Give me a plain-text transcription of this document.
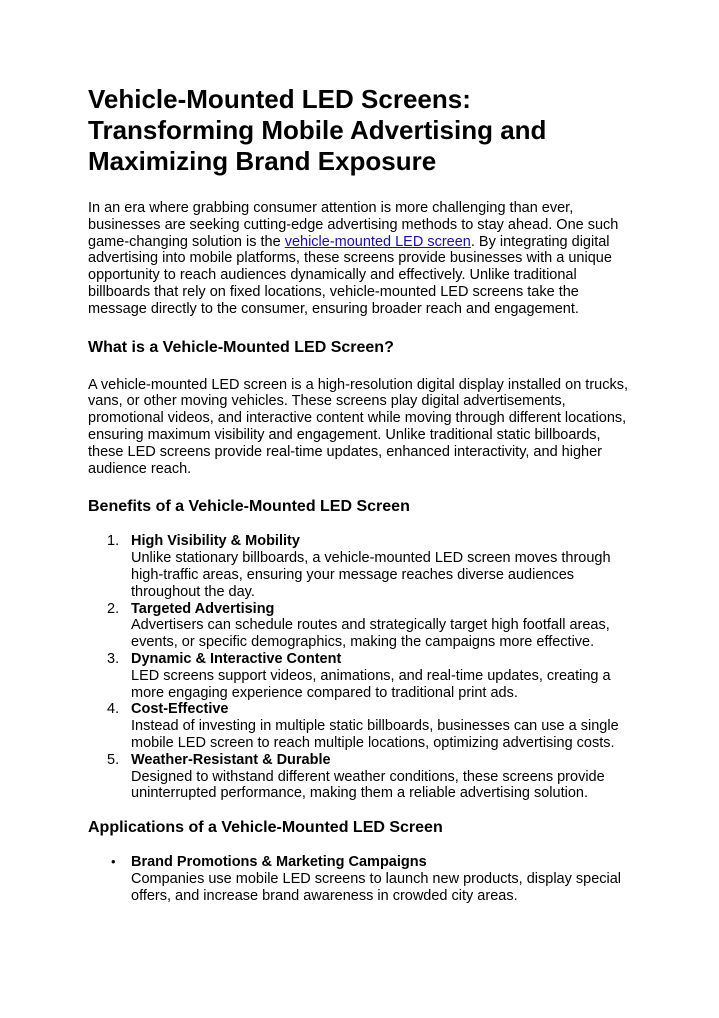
Vehicle-Mounted LED Screens: Transforming Mobile Advertising and Maximizing Brand Exposure

In an era where grabbing consumer attention is more challenging than ever, businesses are seeking cutting-edge advertising methods to stay ahead. One such game-changing solution is the vehicle-mounted LED screen. By integrating digital advertising into mobile platforms, these screens provide businesses with a unique opportunity to reach audiences dynamically and effectively. Unlike traditional billboards that rely on fixed locations, vehicle-mounted LED screens take the message directly to the consumer, ensuring broader reach and engagement.

What is a Vehicle-Mounted LED Screen?

A vehicle-mounted LED screen is a high-resolution digital display installed on trucks, vans, or other moving vehicles. These screens play digital advertisements, promotional videos, and interactive content while moving through different locations, ensuring maximum visibility and engagement. Unlike traditional static billboards, these LED screens provide real-time updates, enhanced interactivity, and higher audience reach.

Benefits of a Vehicle-Mounted LED Screen
1. High Visibility & Mobility
Unlike stationary billboards, a vehicle-mounted LED screen moves through high-traffic areas, ensuring your message reaches diverse audiences throughout the day.
2. Targeted Advertising
Advertisers can schedule routes and strategically target high footfall areas, events, or specific demographics, making the campaigns more effective.
3. Dynamic & Interactive Content
LED screens support videos, animations, and real-time updates, creating a more engaging experience compared to traditional print ads.
4. Cost-Effective
Instead of investing in multiple static billboards, businesses can use a single mobile LED screen to reach multiple locations, optimizing advertising costs.
5. Weather-Resistant & Durable
Designed to withstand different weather conditions, these screens provide uninterrupted performance, making them a reliable advertising solution.
Applications of a Vehicle-Mounted LED Screen
• Brand Promotions & Marketing Campaigns
Companies use mobile LED screens to launch new products, display special offers, and increase brand awareness in crowded city areas.
